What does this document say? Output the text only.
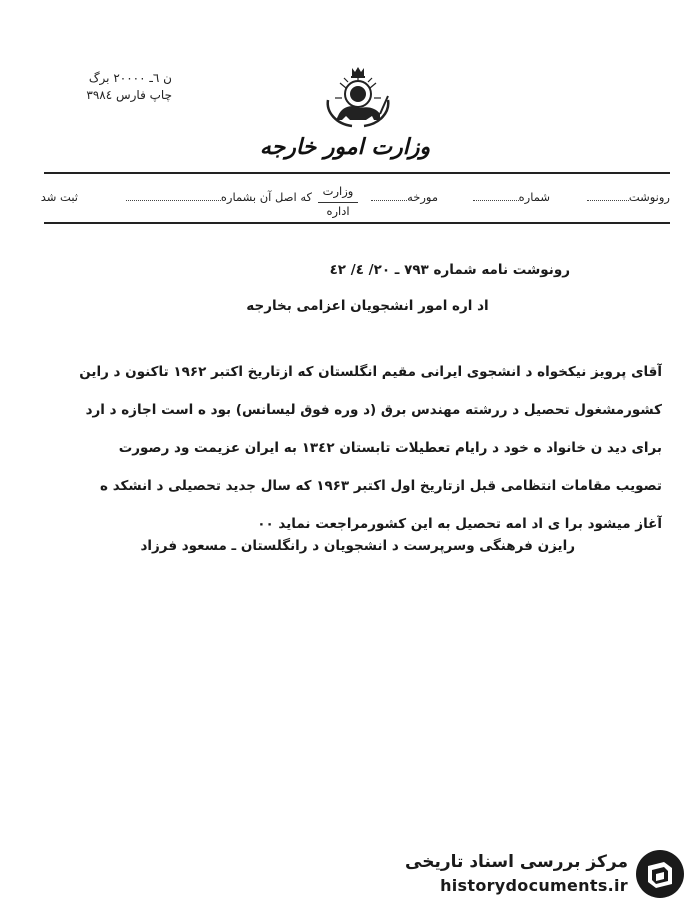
ن ٦ـ ۲۰۰۰۰ برگ
چاپ فارس ۳۹۸٤
وزارت امور خارجه
رونوشت
شماره
مورخه
وزارت
اداره
که اصل آن بشماره
ثبت شد
رونوشت نامه شماره ۷۹۳ ـ ۲۰/ ٤/ ٤۲
اد اره امور انشجویان اعزامی بخارجه
آقای پرویز نیکخواه د انشجوی ایرانی مقیم انگلستان که ازتاریخ اکتبر ۱۹۶۲ تاکنون د راین
کشورمشغول تحصیل د ررشته مهندس برق (د وره فوق لیسانس) بود ه است اجازه د ارد
برای دید ن خانواد ه خود د رایام تعطیلات تابستان ۱۳٤۲ به ایران عزیمت ود رصورت
تصویب مقامات انتظامی قبل ازتاریخ اول اکتبر ۱۹۶۳ که سال جدید تحصیلی د انشکد ه
آغاز میشود برا ی اد امه تحصیل به این کشورمراجعت نماید ۰۰
رایزن فرهنگی وسرپرست د انشجویان د رانگلستان ـ مسعود فرزاد
مرکز بررسی اسناد تاریخی
historydocuments.ir
